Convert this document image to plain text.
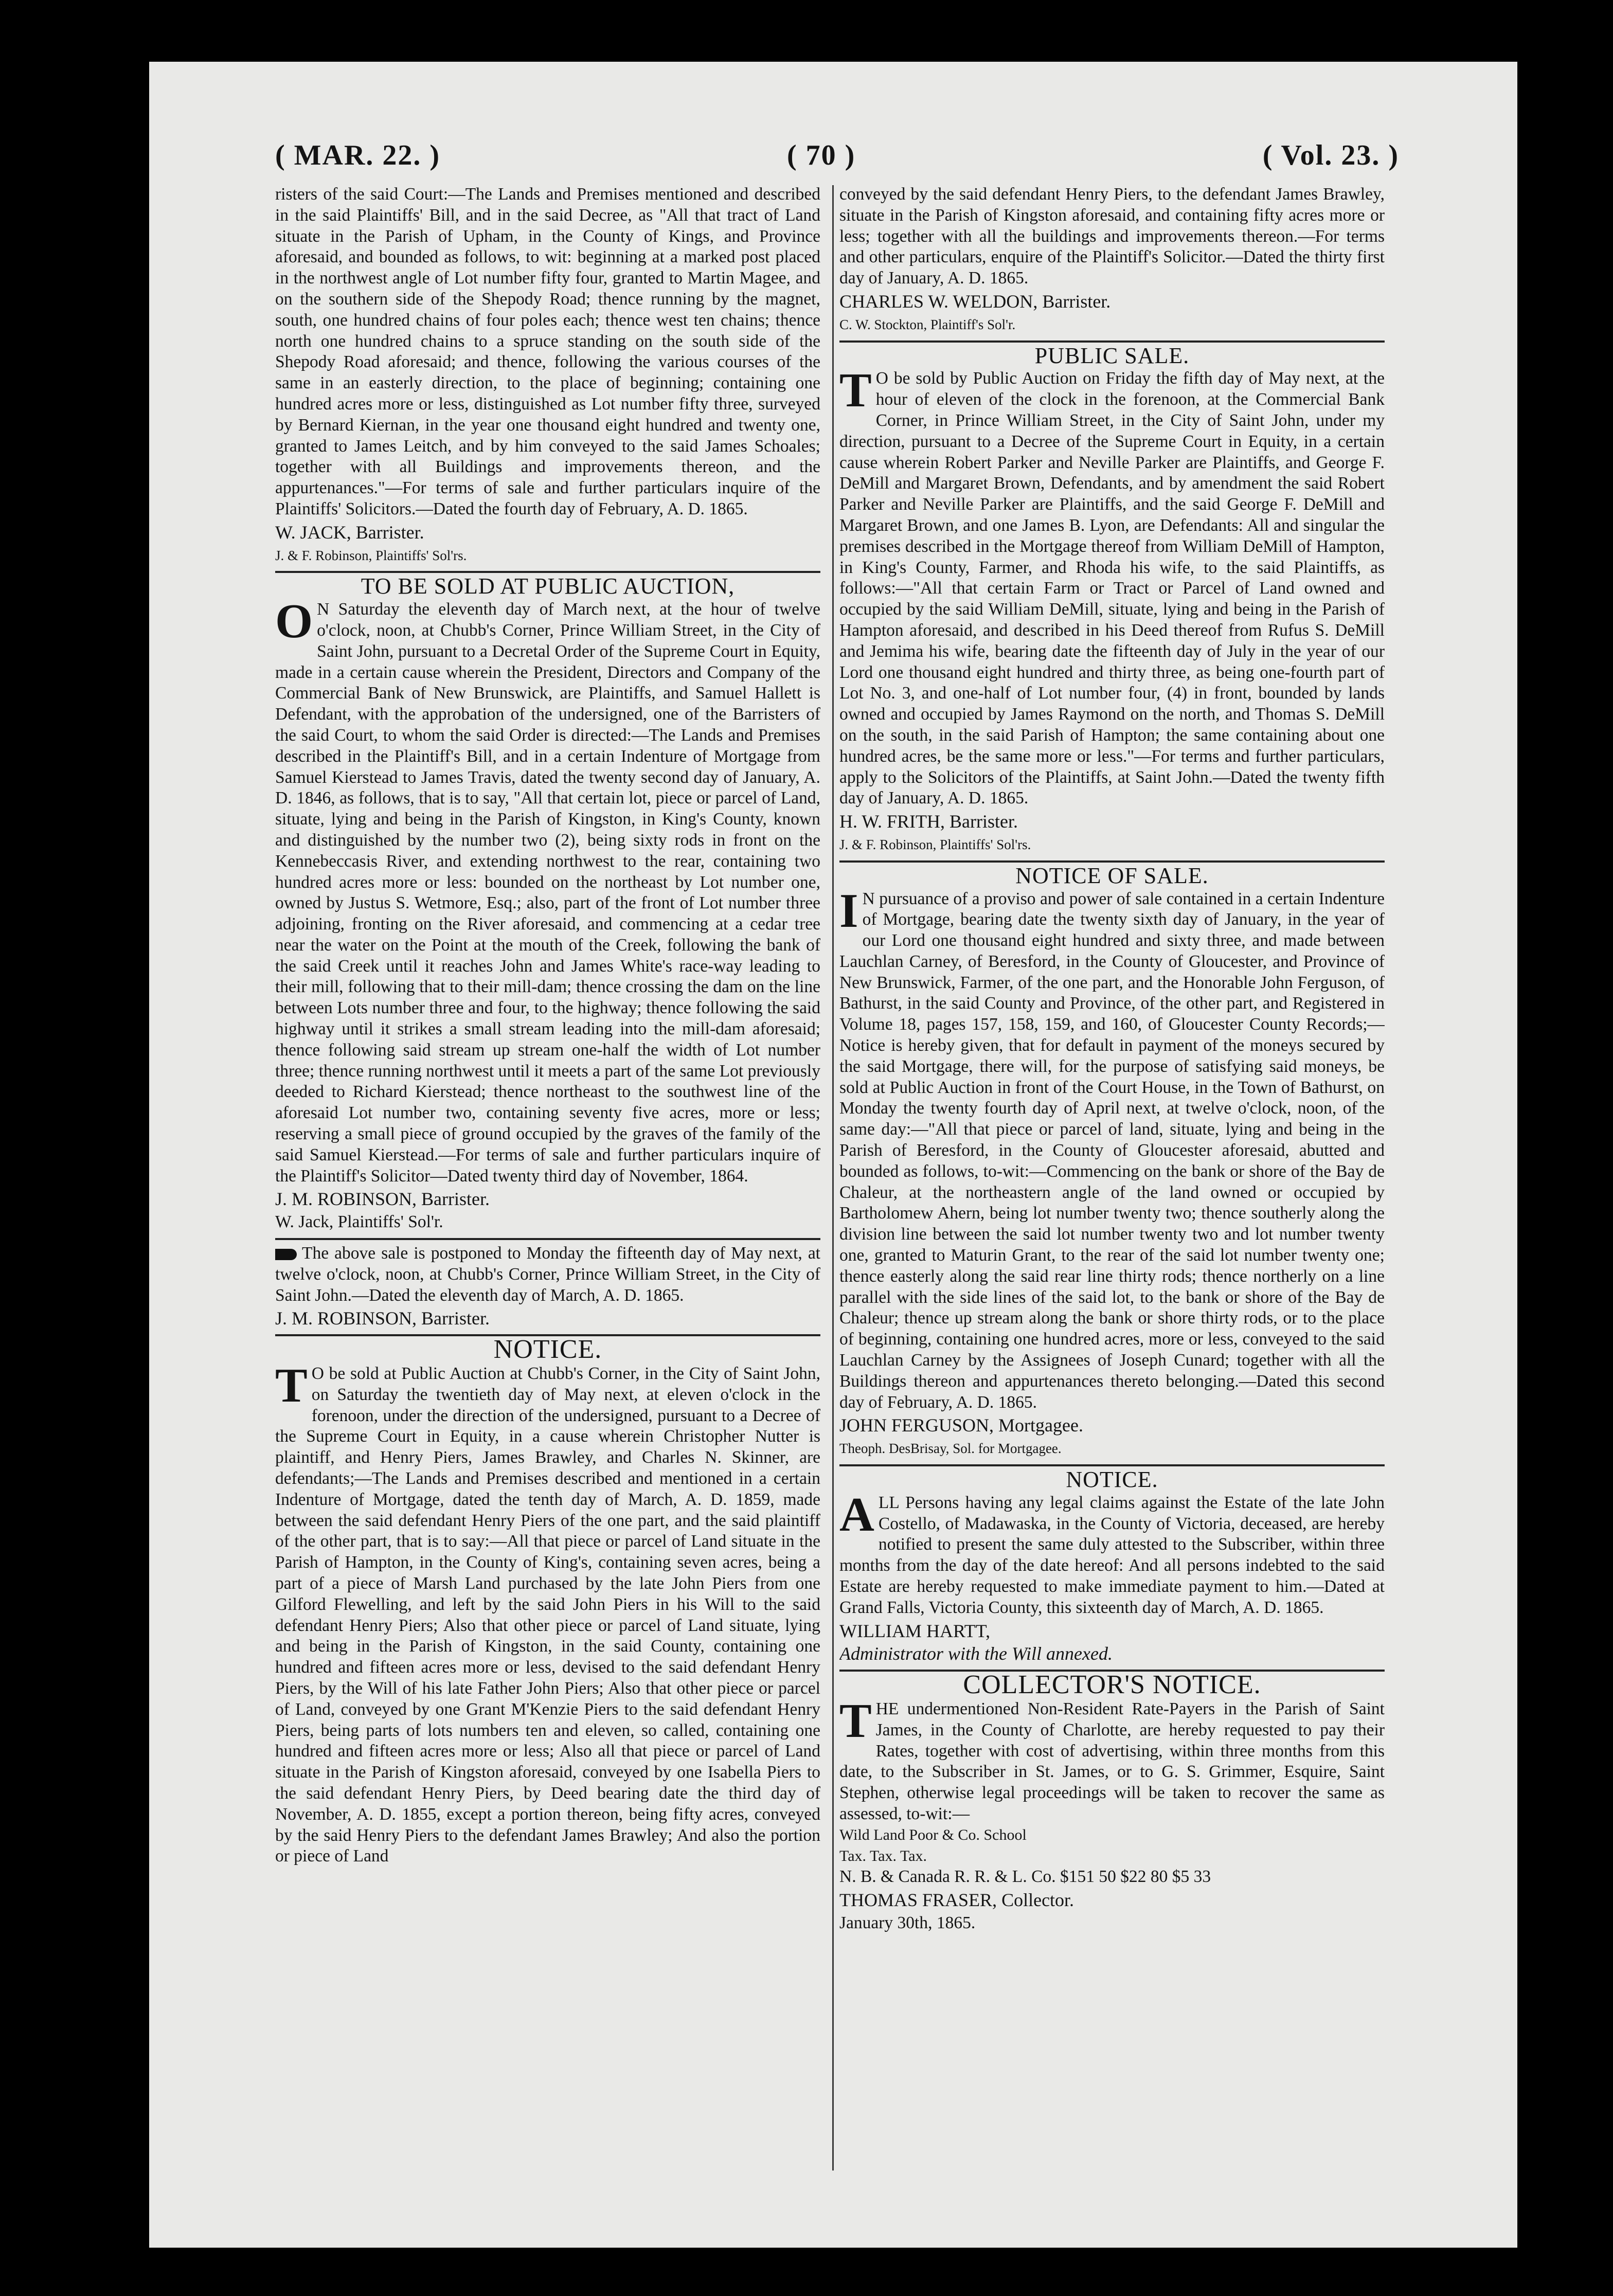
( MAR. 22. )	( 70 )	( Vol. 23. )

risters of the said Court:—The Lands and Premises mentioned and described in the said Plaintiffs' Bill, and in the said Decree, as "All that tract of Land situate in the Parish of Upham, in the County of Kings, and Province aforesaid, and bounded as follows, to wit: beginning at a marked post placed in the northwest angle of Lot number fifty four, granted to Martin Magee, and on the southern side of the Shepody Road; thence running by the magnet, south, one hundred chains of four poles each; thence west ten chains; thence north one hundred chains to a spruce standing on the south side of the Shepody Road aforesaid; and thence, following the various courses of the same in an easterly direction, to the place of beginning; containing one hundred acres more or less, distinguished as Lot number fifty three, surveyed by Bernard Kiernan, in the year one thousand eight hundred and twenty one, granted to James Leitch, and by him conveyed to the said James Schoales; together with all Buildings and improvements thereon, and the appurtenances."—For terms of sale and further particulars inquire of the Plaintiffs' Solicitors.—Dated the fourth day of February, A. D. 1865.

W. JACK, Barrister.

J. & F. Robinson, Plaintiffs' Sol'rs.

TO BE SOLD AT PUBLIC AUCTION,

O N Saturday the eleventh day of March next, at the hour of twelve o'clock, noon, at Chubb's Corner, Prince William Street, in the City of Saint John, pursuant to a Decretal Order of the Supreme Court in Equity, made in a certain cause wherein the President, Directors and Company of the Commercial Bank of New Brunswick, are Plaintiffs, and Samuel Hallett is Defendant, with the approbation of the undersigned, one of the Barristers of the said Court, to whom the said Order is directed:—The Lands and Premises described in the Plaintiff's Bill, and in a certain Indenture of Mortgage from Samuel Kierstead to James Travis, dated the twenty second day of January, A. D. 1846, as follows, that is to say, "All that certain lot, piece or parcel of Land, situate, lying and being in the Parish of Kingston, in King's County, known and distinguished by the number two (2), being sixty rods in front on the Kennebeccasis River, and extending northwest to the rear, containing two hundred acres more or less: bounded on the northeast by Lot number one, owned by Justus S. Wetmore, Esq.; also, part of the front of Lot number three adjoining, fronting on the River aforesaid, and commencing at a cedar tree near the water on the Point at the mouth of the Creek, following the bank of the said Creek until it reaches John and James White's race-way leading to their mill, following that to their mill-dam; thence crossing the dam on the line between Lots number three and four, to the highway; thence following the said highway until it strikes a small stream leading into the mill-dam aforesaid; thence following said stream up stream one-half the width of Lot number three; thence running northwest until it meets a part of the same Lot previously deeded to Richard Kierstead; thence northeast to the southwest line of the aforesaid Lot number two, containing seventy five acres, more or less; reserving a small piece of ground occupied by the graves of the family of the said Samuel Kierstead.—For terms of sale and further particulars inquire of the Plaintiff's Solicitor—Dated twenty third day of November, 1864.

J. M. ROBINSON, Barrister.

W. Jack, Plaintiffs' Sol'r.

The above sale is postponed to Monday the fifteenth day of May next, at twelve o'clock, noon, at Chubb's Corner, Prince William Street, in the City of Saint John.—Dated the eleventh day of March, A. D. 1865.

J. M. ROBINSON, Barrister.

NOTICE.

T O be sold at Public Auction at Chubb's Corner, in the City of Saint John, on Saturday the twentieth day of May next, at eleven o'clock in the forenoon, under the direction of the undersigned, pursuant to a Decree of the Supreme Court in Equity, in a cause wherein Christopher Nutter is plaintiff, and Henry Piers, James Brawley, and Charles N. Skinner, are defendants;—The Lands and Premises described and mentioned in a certain Indenture of Mortgage, dated the tenth day of March, A. D. 1859, made between the said defendant Henry Piers of the one part, and the said plaintiff of the other part, that is to say:—All that piece or parcel of Land situate in the Parish of Hampton, in the County of King's, containing seven acres, being a part of a piece of Marsh Land purchased by the late John Piers from one Gilford Flewelling, and left by the said John Piers in his Will to the said defendant Henry Piers; Also that other piece or parcel of Land situate, lying and being in the Parish of Kingston, in the said County, containing one hundred and fifteen acres more or less, devised to the said defendant Henry Piers, by the Will of his late Father John Piers; Also that other piece or parcel of Land, conveyed by one Grant M'Kenzie Piers to the said defendant Henry Piers, being parts of lots numbers ten and eleven, so called, containing one hundred and fifteen acres more or less; Also all that piece or parcel of Land situate in the Parish of Kingston aforesaid, conveyed by one Isabella Piers to the said defendant Henry Piers, by Deed bearing date the third day of November, A. D. 1855, except a portion thereon, being fifty acres, conveyed by the said Henry Piers to the defendant James Brawley; And also the portion or piece of Land

conveyed by the said defendant Henry Piers, to the defendant James Brawley, situate in the Parish of Kingston aforesaid, and containing fifty acres more or less; together with all the buildings and improvements thereon.—For terms and other particulars, enquire of the Plaintiff's Solicitor.—Dated the thirty first day of January, A. D. 1865.

CHARLES W. WELDON, Barrister.

C. W. Stockton, Plaintiff's Sol'r.

PUBLIC SALE.

T O be sold by Public Auction on Friday the fifth day of May next, at the hour of eleven of the clock in the forenoon, at the Commercial Bank Corner, in Prince William Street, in the City of Saint John, under my direction, pursuant to a Decree of the Supreme Court in Equity, in a certain cause wherein Robert Parker and Neville Parker are Plaintiffs, and George F. DeMill and Margaret Brown, Defendants, and by amendment the said Robert Parker and Neville Parker are Plaintiffs, and the said George F. DeMill and Margaret Brown, and one James B. Lyon, are Defendants: All and singular the premises described in the Mortgage thereof from William DeMill of Hampton, in King's County, Farmer, and Rhoda his wife, to the said Plaintiffs, as follows:—"All that certain Farm or Tract or Parcel of Land owned and occupied by the said William DeMill, situate, lying and being in the Parish of Hampton aforesaid, and described in his Deed thereof from Rufus S. DeMill and Jemima his wife, bearing date the fifteenth day of July in the year of our Lord one thousand eight hundred and thirty three, as being one-fourth part of Lot No. 3, and one-half of Lot number four, (4) in front, bounded by lands owned and occupied by James Raymond on the north, and Thomas S. DeMill on the south, in the said Parish of Hampton; the same containing about one hundred acres, be the same more or less."—For terms and further particulars, apply to the Solicitors of the Plaintiffs, at Saint John.—Dated the twenty fifth day of January, A. D. 1865.

H. W. FRITH, Barrister.

J. & F. Robinson, Plaintiffs' Sol'rs.

NOTICE OF SALE.

I N pursuance of a proviso and power of sale contained in a certain Indenture of Mortgage, bearing date the twenty sixth day of January, in the year of our Lord one thousand eight hundred and sixty three, and made between Lauchlan Carney, of Beresford, in the County of Gloucester, and Province of New Brunswick, Farmer, of the one part, and the Honorable John Ferguson, of Bathurst, in the said County and Province, of the other part, and Registered in Volume 18, pages 157, 158, 159, and 160, of Gloucester County Records;—Notice is hereby given, that for default in payment of the moneys secured by the said Mortgage, there will, for the purpose of satisfying said moneys, be sold at Public Auction in front of the Court House, in the Town of Bathurst, on Monday the twenty fourth day of April next, at twelve o'clock, noon, of the same day:—"All that piece or parcel of land, situate, lying and being in the Parish of Beresford, in the County of Gloucester aforesaid, abutted and bounded as follows, to-wit:—Commencing on the bank or shore of the Bay de Chaleur, at the northeastern angle of the land owned or occupied by Bartholomew Ahern, being lot number twenty two; thence southerly along the division line between the said lot number twenty two and lot number twenty one, granted to Maturin Grant, to the rear of the said lot number twenty one; thence easterly along the said rear line thirty rods; thence northerly on a line parallel with the side lines of the said lot, to the bank or shore of the Bay de Chaleur; thence up stream along the bank or shore thirty rods, or to the place of beginning, containing one hundred acres, more or less, conveyed to the said Lauchlan Carney by the Assignees of Joseph Cunard; together with all the Buildings thereon and appurtenances thereto belonging.—Dated this second day of February, A. D. 1865.

JOHN FERGUSON, Mortgagee.

Theoph. DesBrisay, Sol. for Mortgagee.

NOTICE.

ALL Persons having any legal claims against the Estate of the late John Costello, of Madawaska, in the County of Victoria, deceased, are hereby notified to present the same duly attested to the Subscriber, within three months from the day of the date hereof: And all persons indebted to the said Estate are hereby requested to make immediate payment to him.—Dated at Grand Falls, Victoria County, this sixteenth day of March, A. D. 1865.

WILLIAM HARTT,

Administrator with the Will annexed.

COLLECTOR'S NOTICE.

THE undermentioned Non-Resident Rate-Payers in the Parish of Saint James, in the County of Charlotte, are hereby requested to pay their Rates, together with cost of advertising, within three months from this date, to the Subscriber in St. James, or to G. S. Grimmer, Esquire, Saint Stephen, otherwise legal proceedings will be taken to recover the same as assessed, to-wit:—

Wild Land Poor & Co. School

Tax. Tax. Tax.

N. B. & Canada R. R. & L. Co. $151 50 $22 80 $5 33

THOMAS FRASER, Collector.

January 30th, 1865.
